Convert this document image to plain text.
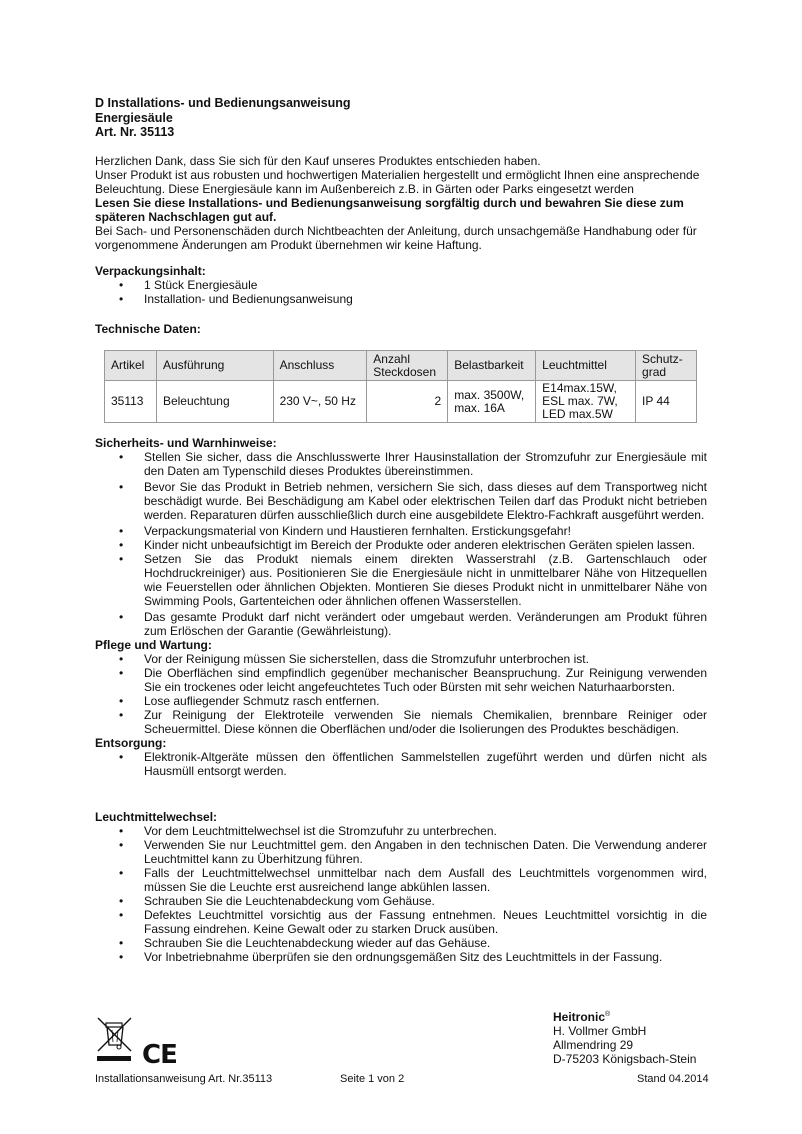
D Installations- und Bedienungsanweisung

Energiesäule

Art. Nr. 35113

Herzlichen Dank, dass Sie sich für den Kauf unseres Produktes entschieden haben.

Unser Produkt ist aus robusten und hochwertigen Materialien hergestellt und ermöglicht Ihnen eine ansprechende Beleuchtung. Diese Energiesäule kann im Außenbereich z.B. in Gärten oder Parks eingesetzt werden

Lesen Sie diese Installations- und Bedienungsanweisung sorgfältig durch und bewahren Sie diese zum späteren Nachschlagen gut auf.

Bei Sach- und Personenschäden durch Nichtbeachten der Anleitung, durch unsachgemäße Handhabung oder für vorgenommene Änderungen am Produkt übernehmen wir keine Haftung.

Verpackungsinhalt:

• 1 Stück Energiesäule
• Installation- und Bedienungsanweisung

Technische Daten:

Sicherheits- und Warnhinweise:

• Stellen Sie sicher, dass die Anschlusswerte Ihrer Hausinstallation der Stromzufuhr zur Energiesäule mit den Daten am Typenschild dieses Produktes übereinstimmen.
• Bevor Sie das Produkt in Betrieb nehmen, versichern Sie sich, dass dieses auf dem Transportweg nicht beschädigt wurde. Bei Beschädigung am Kabel oder elektrischen Teilen darf das Produkt nicht betrieben werden. Reparaturen dürfen ausschließlich durch eine ausgebildete Elektro-Fachkraft ausgeführt werden.
• Verpackungsmaterial von Kindern und Haustieren fernhalten. Erstickungsgefahr!
• Kinder nicht unbeaufsichtigt im Bereich der Produkte oder anderen elektrischen Geräten spielen lassen.
• Setzen Sie das Produkt niemals einem direkten Wasserstrahl (z.B. Gartenschlauch oder Hochdruckreiniger) aus. Positionieren Sie die Energiesäule nicht in unmittelbarer Nähe von Hitzequellen wie Feuerstellen oder ähnlichen Objekten. Montieren Sie dieses Produkt nicht in unmittelbarer Nähe von Swimming Pools, Gartenteichen oder ähnlichen offenen Wasserstellen.
• Das gesamte Produkt darf nicht verändert oder umgebaut werden. Veränderungen am Produkt führen zum Erlöschen der Garantie (Gewährleistung).

Pflege und Wartung:

• Vor der Reinigung müssen Sie sicherstellen, dass die Stromzufuhr unterbrochen ist.
• Die Oberflächen sind empfindlich gegenüber mechanischer Beanspruchung. Zur Reinigung verwenden Sie ein trockenes oder leicht angefeuchtetes Tuch oder Bürsten mit sehr weichen Naturhaarborsten.
• Lose aufliegender Schmutz rasch entfernen.
• Zur Reinigung der Elektroteile verwenden Sie niemals Chemikalien, brennbare Reiniger oder Scheuermittel. Diese können die Oberflächen und/oder die Isolierungen des Produktes beschädigen.

Entsorgung:

• Elektronik-Altgeräte müssen den öffentlichen Sammelstellen zugeführt werden und dürfen nicht als Hausmüll entsorgt werden.

Leuchtmittelwechsel:

• Vor dem Leuchtmittelwechsel ist die Stromzufuhr zu unterbrechen.
• Verwenden Sie nur Leuchtmittel gem. den Angaben in den technischen Daten. Die Verwendung anderer Leuchtmittel kann zu Überhitzung führen.
• Falls der Leuchtmittelwechsel unmittelbar nach dem Ausfall des Leuchtmittels vorgenommen wird, müssen Sie die Leuchte erst ausreichend lange abkühlen lassen.
• Schrauben Sie die Leuchtenabdeckung vom Gehäuse.
• Defektes Leuchtmittel vorsichtig aus der Fassung entnehmen. Neues Leuchtmittel vorsichtig in die Fassung eindrehen. Keine Gewalt oder zu starken Druck ausüben.
• Schrauben Sie die Leuchtenabdeckung wieder auf das Gehäuse.
• Vor Inbetriebnahme überprüfen sie den ordnungsgemäßen Sitz des Leuchtmittels in der Fassung.
Artikel	Ausführung	Anschluss	Anzahl Steckdosen	Belastbarkeit	Leuchtmittel	Schutz-grad
35113	Beleuchtung	230 V~, 50 Hz	2	max. 3500W, max. 16A	E14max.15W, ESL max. 7W, LED max.5W	IP 44
CE
Heitronic®
H. Vollmer GmbH
Allmendring 29
D-75203 Königsbach-Stein
Installationsanweisung Art. Nr.35113	Seite 1 von 2	Stand 04.2014
